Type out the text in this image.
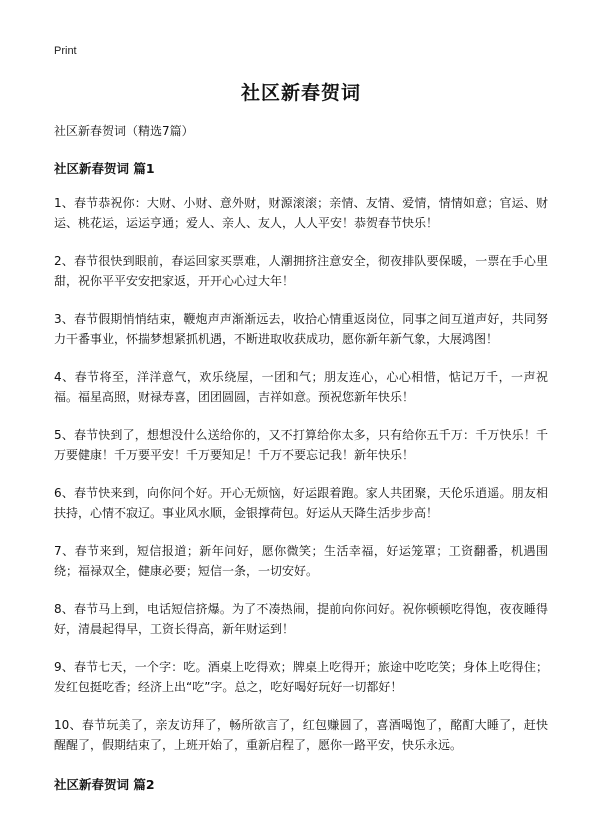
Print
社区新春贺词
社区新春贺词（精选7篇）
社区新春贺词 篇1

1、春节恭祝你：大财、小财、意外财，财源滚滚；亲情、友情、爱情，情情如意；官运、财运、桃花运，运运亨通；爱人、亲人、友人，人人平安！恭贺春节快乐！

2、春节很快到眼前，春运回家买票难，人潮拥挤注意安全，彻夜排队要保暖，一票在手心里甜，祝你平平安安把家返，开开心心过大年！

3、春节假期悄悄结束，鞭炮声声渐渐远去，收拾心情重返岗位，同事之间互道声好，共同努力干番事业，怀揣梦想紧抓机遇，不断进取收获成功，愿你新年新气象，大展鸿图！

4、春节将至，洋洋意气，欢乐绕屋，一团和气；朋友连心，心心相惜，惦记万千，一声祝福。福星高照，财禄寿喜，团团圆圆，吉祥如意。预祝您新年快乐！

5、春节快到了，想想没什么送给你的，又不打算给你太多，只有给你五千万：千万快乐！千万要健康！千万要平安！千万要知足！千万不要忘记我！新年快乐！

6、春节快来到，向你问个好。开心无烦恼，好运跟着跑。家人共团聚，天伦乐逍遥。朋友相扶持，心情不寂辽。事业风水顺，金银撑荷包。好运从天降生活步步高！

7、春节来到，短信报道；新年问好，愿你微笑；生活幸福，好运笼罩；工资翻番，机遇围绕；福禄双全，健康必要；短信一条，一切安好。

8、春节马上到，电话短信挤爆。为了不凑热闹，提前向你问好。祝你顿顿吃得饱，夜夜睡得好，清晨起得早，工资长得高，新年财运到！

9、春节七天，一个字：吃。酒桌上吃得欢；牌桌上吃得开；旅途中吃吃笑；身体上吃得住；发红包挺吃香；经济上出“吃”字。总之，吃好喝好玩好一切都好！

10、春节玩美了，亲友访拜了，畅所欲言了，红包赚圆了，喜酒喝饱了，酩酊大睡了，赶快醒醒了，假期结束了，上班开始了，重新启程了，愿你一路平安，快乐永远。

社区新春贺词 篇2
